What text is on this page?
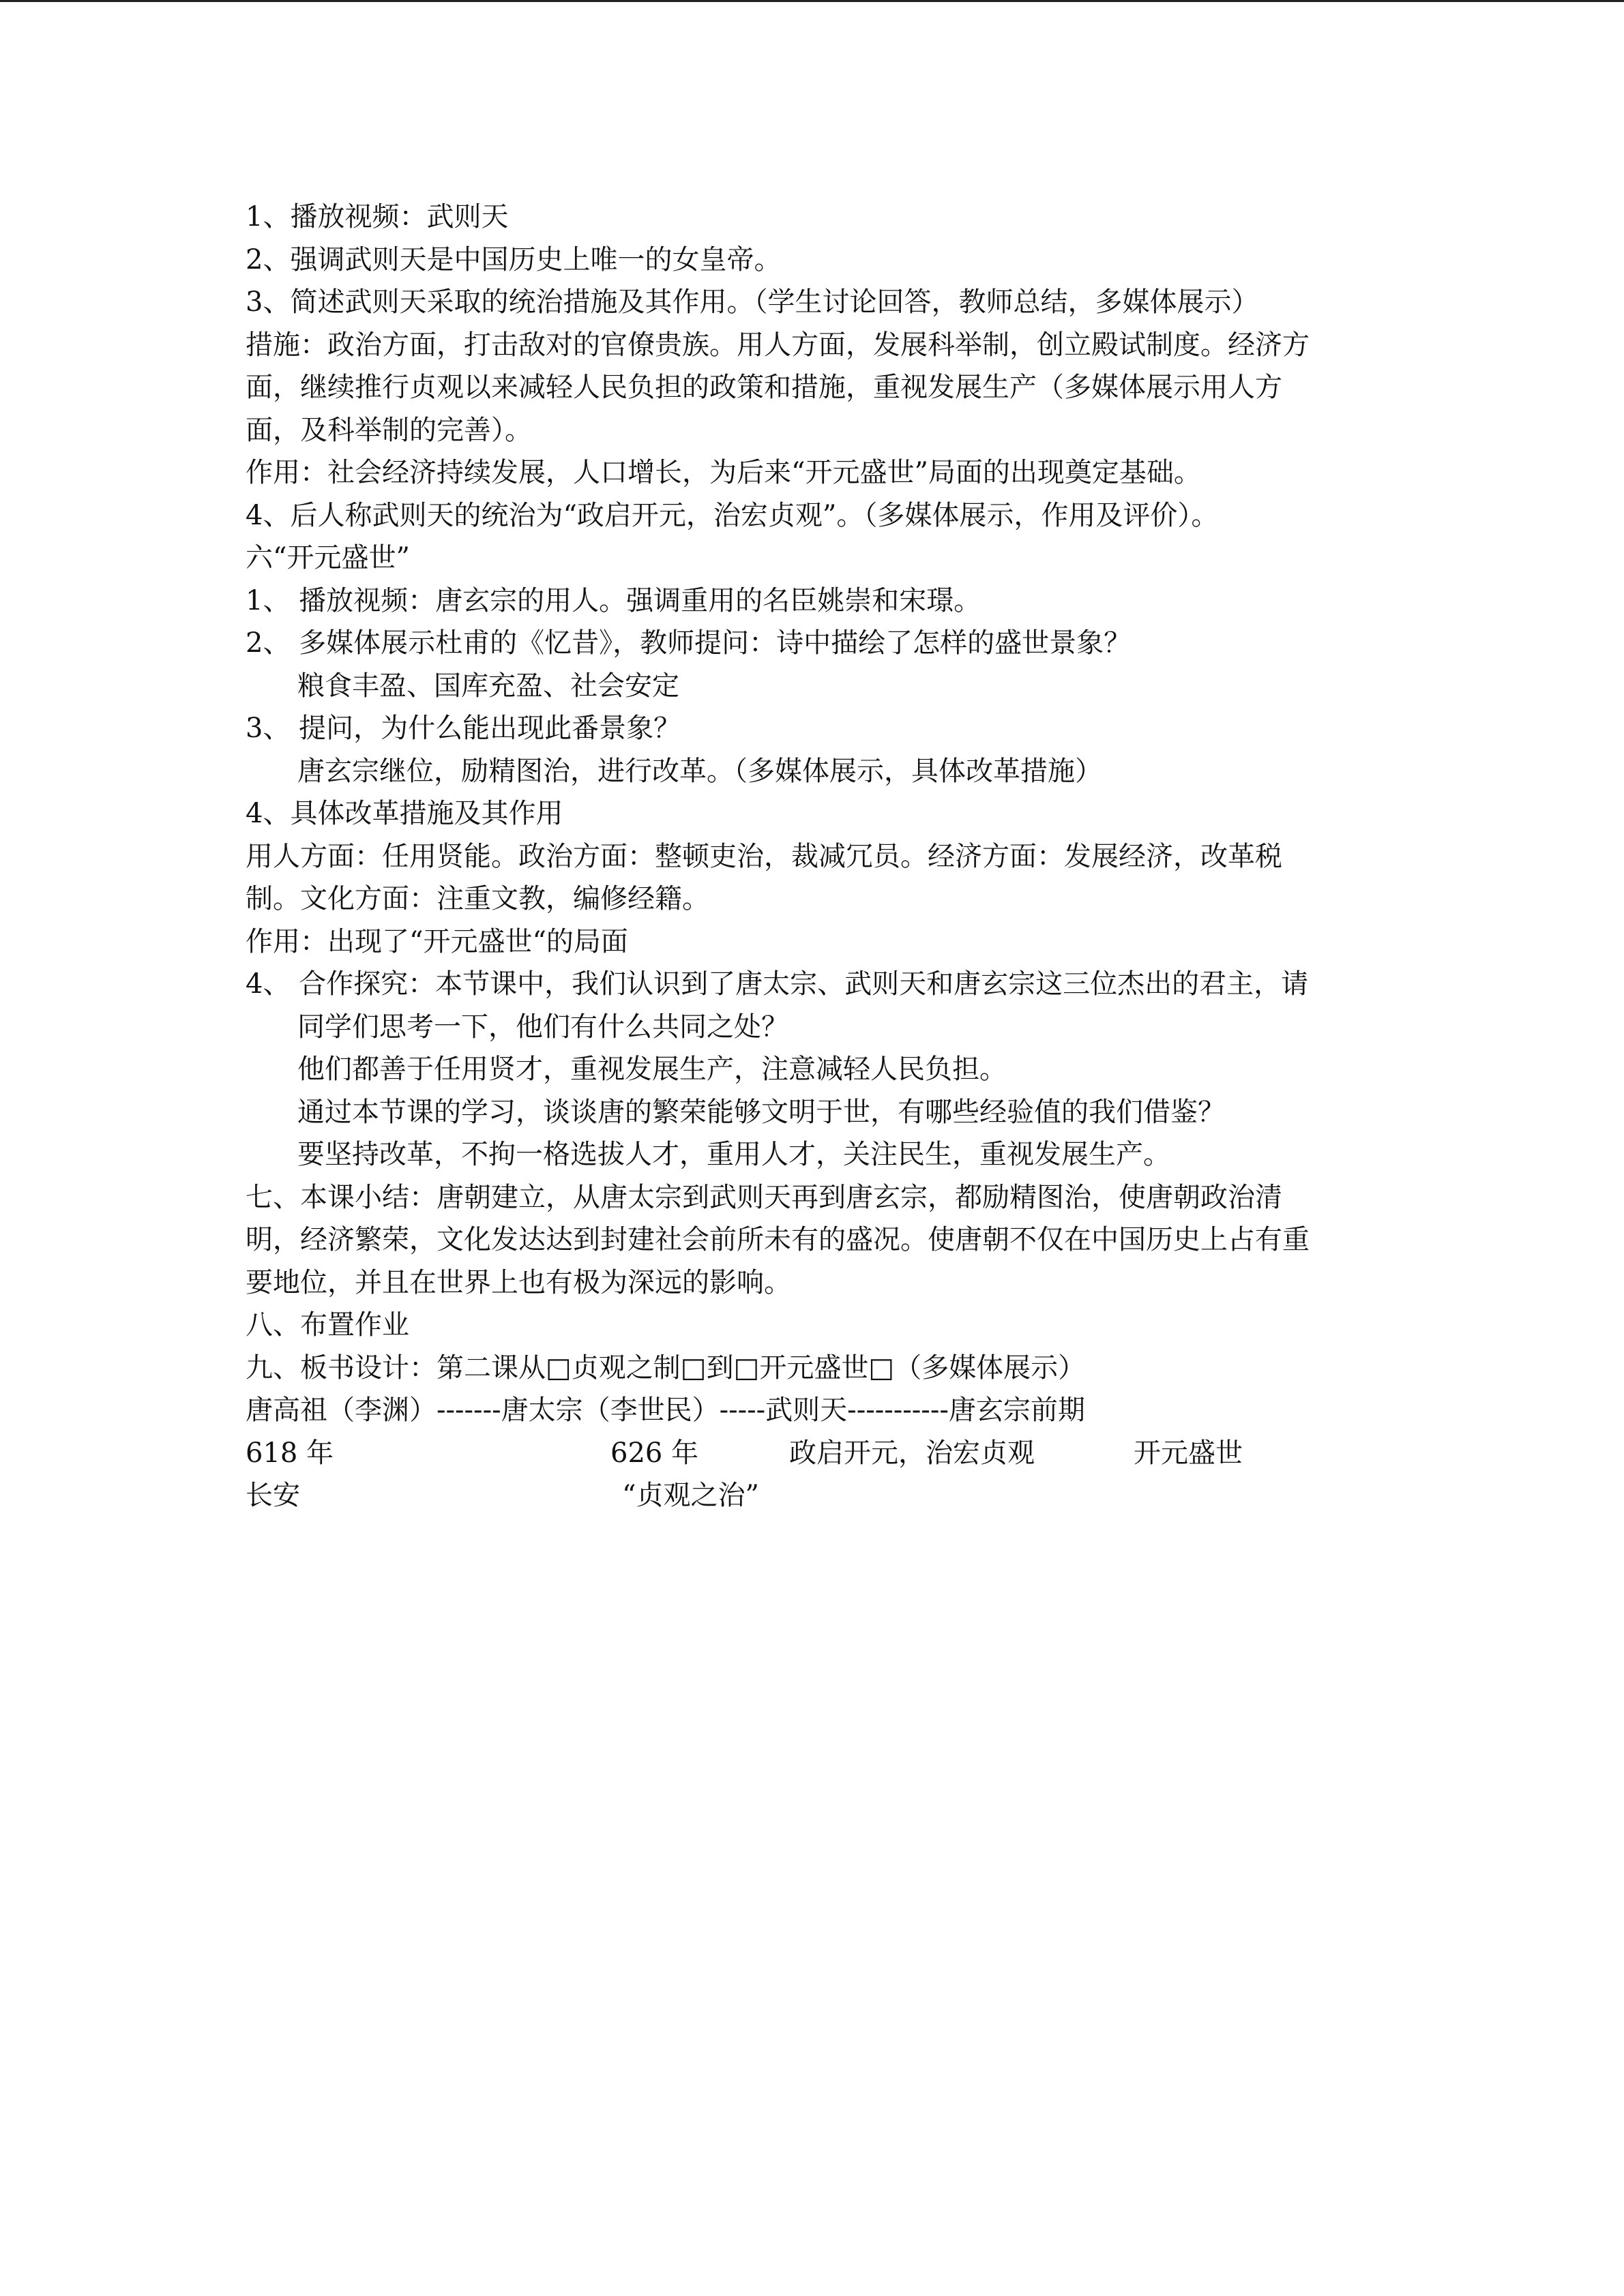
1、播放视频：武则天
2、强调武则天是中国历史上唯一的女皇帝。
3、简述武则天采取的统治措施及其作用。（学生讨论回答，教师总结，多媒体展示）
措施：政治方面，打击敌对的官僚贵族。用人方面，发展科举制，创立殿试制度。经济方
面，继续推行贞观以来减轻人民负担的政策和措施，重视发展生产（多媒体展示用人方
面，及科举制的完善）。
作用：社会经济持续发展，人口增长，为后来“开元盛世”局面的出现奠定基础。
4、后人称武则天的统治为“政启开元，治宏贞观”。（多媒体展示，作用及评价）。
六“开元盛世”
1、 播放视频：唐玄宗的用人。强调重用的名臣姚崇和宋璟。
2、 多媒体展示杜甫的《忆昔》，教师提问：诗中描绘了怎样的盛世景象？
粮食丰盈、国库充盈、社会安定
3、 提问，为什么能出现此番景象？
唐玄宗继位，励精图治，进行改革。（多媒体展示，具体改革措施）
4、具体改革措施及其作用
用人方面：任用贤能。政治方面：整顿吏治，裁减冗员。经济方面：发展经济，改革税
制。文化方面：注重文教，编修经籍。
作用：出现了“开元盛世“的局面
4、 合作探究：本节课中，我们认识到了唐太宗、武则天和唐玄宗这三位杰出的君主，请
同学们思考一下，他们有什么共同之处？
他们都善于任用贤才，重视发展生产，注意减轻人民负担。
通过本节课的学习，谈谈唐的繁荣能够文明于世，有哪些经验值的我们借鉴？
要坚持改革，不拘一格选拔人才，重用人才，关注民生，重视发展生产。
七、本课小结：唐朝建立，从唐太宗到武则天再到唐玄宗，都励精图治，使唐朝政治清
明，经济繁荣，文化发达达到封建社会前所未有的盛况。使唐朝不仅在中国历史上占有重
要地位，并且在世界上也有极为深远的影响。
八、布置作业
九、板书设计：第二课从□贞观之制□到□开元盛世□（多媒体展示）
唐高祖（李渊）-------唐太宗（李世民）-----武则天-----------唐玄宗前期
618 年	626 年	政启开元，治宏贞观	开元盛世
长安	“贞观之治”
